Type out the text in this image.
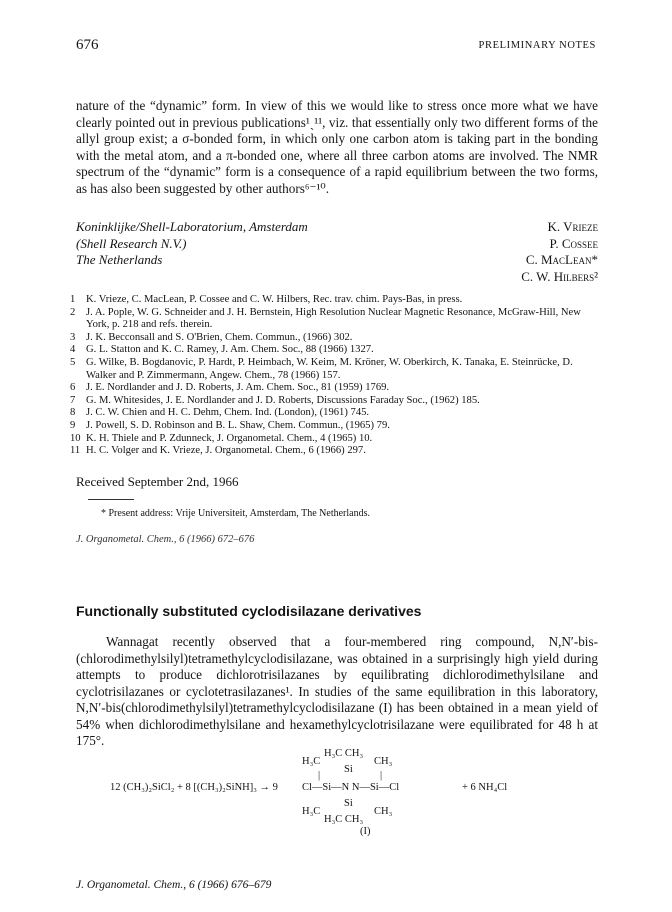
676	PRELIMINARY NOTES

nature of the “dynamic” form. In view of this we would like to stress once more what we have clearly pointed out in previous publications¹ˎ¹¹, viz. that essentially only two different forms of the allyl group exist; a σ-bonded form, in which only one carbon atom is taking part in the bonding with the metal atom, and a π-bonded one, where all three carbon atoms are involved. The NMR spectrum of the “dynamic” form is a consequence of a rapid equilibrium between the two forms, as has also been suggested by other authors⁶⁻¹⁰.

Koninklijke/Shell-Laboratorium, Amsterdam
(Shell Research N.V.)
The Netherlands
K. Vrieze
P. Cossee
C. MacLean*
C. W. Hilbers²
1	K. Vrieze, C. MacLean, P. Cossee and C. W. Hilbers, Rec. trav. chim. Pays-Bas, in press.
2	J. A. Pople, W. G. Schneider and J. H. Bernstein, High Resolution Nuclear Magnetic Resonance, McGraw-Hill, New York, p. 218 and refs. therein.
3	J. K. Becconsall and S. O'Brien, Chem. Commun., (1966) 302.
4	G. L. Statton and K. C. Ramey, J. Am. Chem. Soc., 88 (1966) 1327.
5	G. Wilke, B. Bogdanovic, P. Hardt, P. Heimbach, W. Keim, M. Kröner, W. Oberkirch, K. Tanaka, E. Steinrücke, D. Walker and P. Zimmermann, Angew. Chem., 78 (1966) 157.
6	J. E. Nordlander and J. D. Roberts, J. Am. Chem. Soc., 81 (1959) 1769.
7	G. M. Whitesides, J. E. Nordlander and J. D. Roberts, Discussions Faraday Soc., (1962) 185.
8	J. C. W. Chien and H. C. Dehm, Chem. Ind. (London), (1961) 745.
9	J. Powell, S. D. Robinson and B. L. Shaw, Chem. Commun., (1965) 79.
10 K. H. Thiele and P. Zdunneck, J. Organometal. Chem., 4 (1965) 10.
11 H. C. Volger and K. Vrieze, J. Organometal. Chem., 6 (1966) 297.
Received September 2nd, 1966
* Present address: Vrije Universiteit, Amsterdam, The Netherlands.
J. Organometal. Chem., 6 (1966) 672–676
Functionally substituted cyclodisilazane derivatives

Wannagat recently observed that a four-membered ring compound, N,N′-bis-(chlorodimethylsilyl)tetramethylcyclodisilazane, was obtained in a surprisingly high yield during attempts to produce dichlorotrisilazanes by equilibrating dichlorodimethylsilane and cyclotrisilazanes or cyclotetrasilazanes¹. In studies of the same equilibration in this laboratory, N,N′-bis(chlorodimethylsilyl)tetramethylcyclodisilazane (I) has been obtained in a mean yield of 54% when dichlorodimethylsilane and hexamethylcyclotrisilazane were equilibrated for 48 h at 175°.

12 (CH₃)₂SiCl₂ + 8 [(CH₃)₂SiNH]₃ → 9
H₃C CH₃
H₃C	CH₃
Si
|	|
Cl—Si—N N—Si—Cl
Si
H₃C	CH₃
H₃C CH₃
+ 6 NH₄Cl
(I)
J. Organometal. Chem., 6 (1966) 676–679
